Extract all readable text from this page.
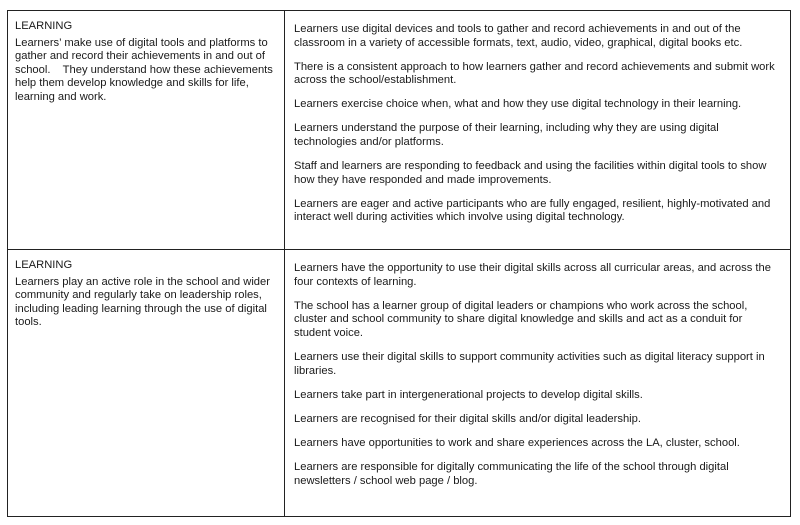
LEARNING

Learners’ make use of digital tools and platforms to gather and record their achievements in and out of school.    They understand how these achievements help them develop knowledge and skills for life, learning and work.

Learners use digital devices and tools to gather and record achievements in and out of the classroom in a variety of accessible formats, text, audio, video, graphical, digital books etc.
There is a consistent approach to how learners gather and record achievements and submit work across the school/establishment.
Learners exercise choice when, what and how they use digital technology in their learning.
Learners understand the purpose of their learning, including why they are using digital technologies and/or platforms.
Staff and learners are responding to feedback and using the facilities within digital tools to show how they have responded and made improvements.
Learners are eager and active participants who are fully engaged, resilient, highly-motivated and interact well during activities which involve using digital technology.

LEARNING

Learners play an active role in the school and wider community and regularly take on leadership roles, including leading learning through the use of digital tools.

Learners have the opportunity to use their digital skills across all curricular areas, and across the four contexts of learning.
The school has a learner group of digital leaders or champions who work across the school, cluster and school community to share digital knowledge and skills and act as a conduit for student voice.
Learners use their digital skills to support community activities such as digital literacy support in libraries.
Learners take part in intergenerational projects to develop digital skills.
Learners are recognised for their digital skills and/or digital leadership.
Learners have opportunities to work and share experiences across the LA, cluster, school.
Learners are responsible for digitally communicating the life of the school through digital newsletters / school web page / blog.
